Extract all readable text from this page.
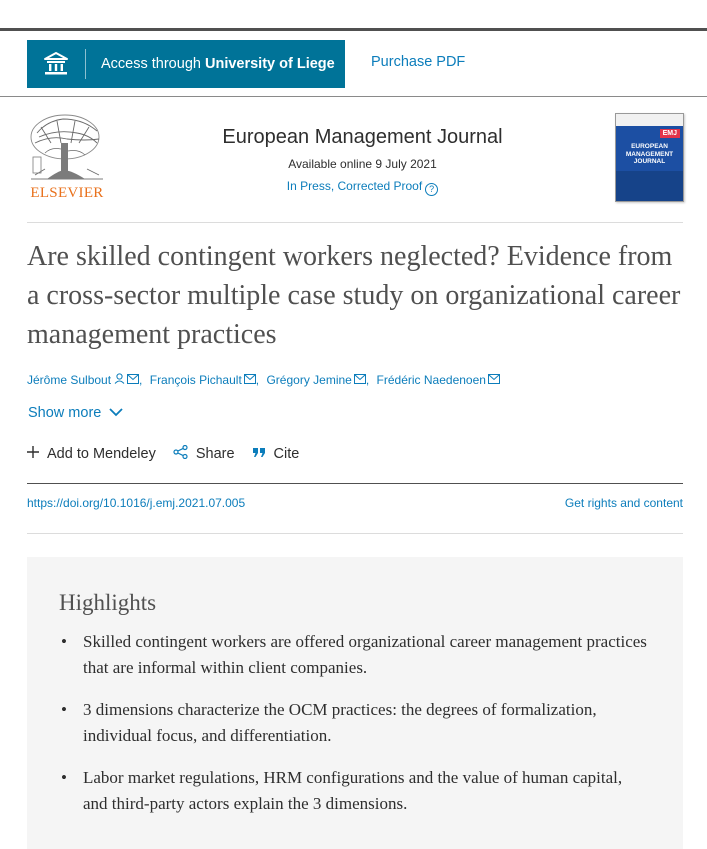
Access through University of Liege	Purchase PDF
ELSEVIER
European Management Journal
Available online 9 July 2021
In Press, Corrected Proof ?
EMJ
EUROPEAN
MANAGEMENT
JOURNAL
Are skilled contingent workers neglected? Evidence from a cross-sector multiple case study on organizational career management practices
Jérôme Sulbout , François Pichault , Grégory Jemine , Frédéric Naedenoen
Show more
Add to Mendeley	Share	Cite
https://doi.org/10.1016/j.emj.2021.07.005	Get rights and content
Highlights
• Skilled contingent workers are offered organizational career management practices that are informal within client companies.
• 3 dimensions characterize the OCM practices: the degrees of formalization, individual focus, and differentiation.
• Labor market regulations, HRM configurations and the value of human capital, and third-party actors explain the 3 dimensions.
